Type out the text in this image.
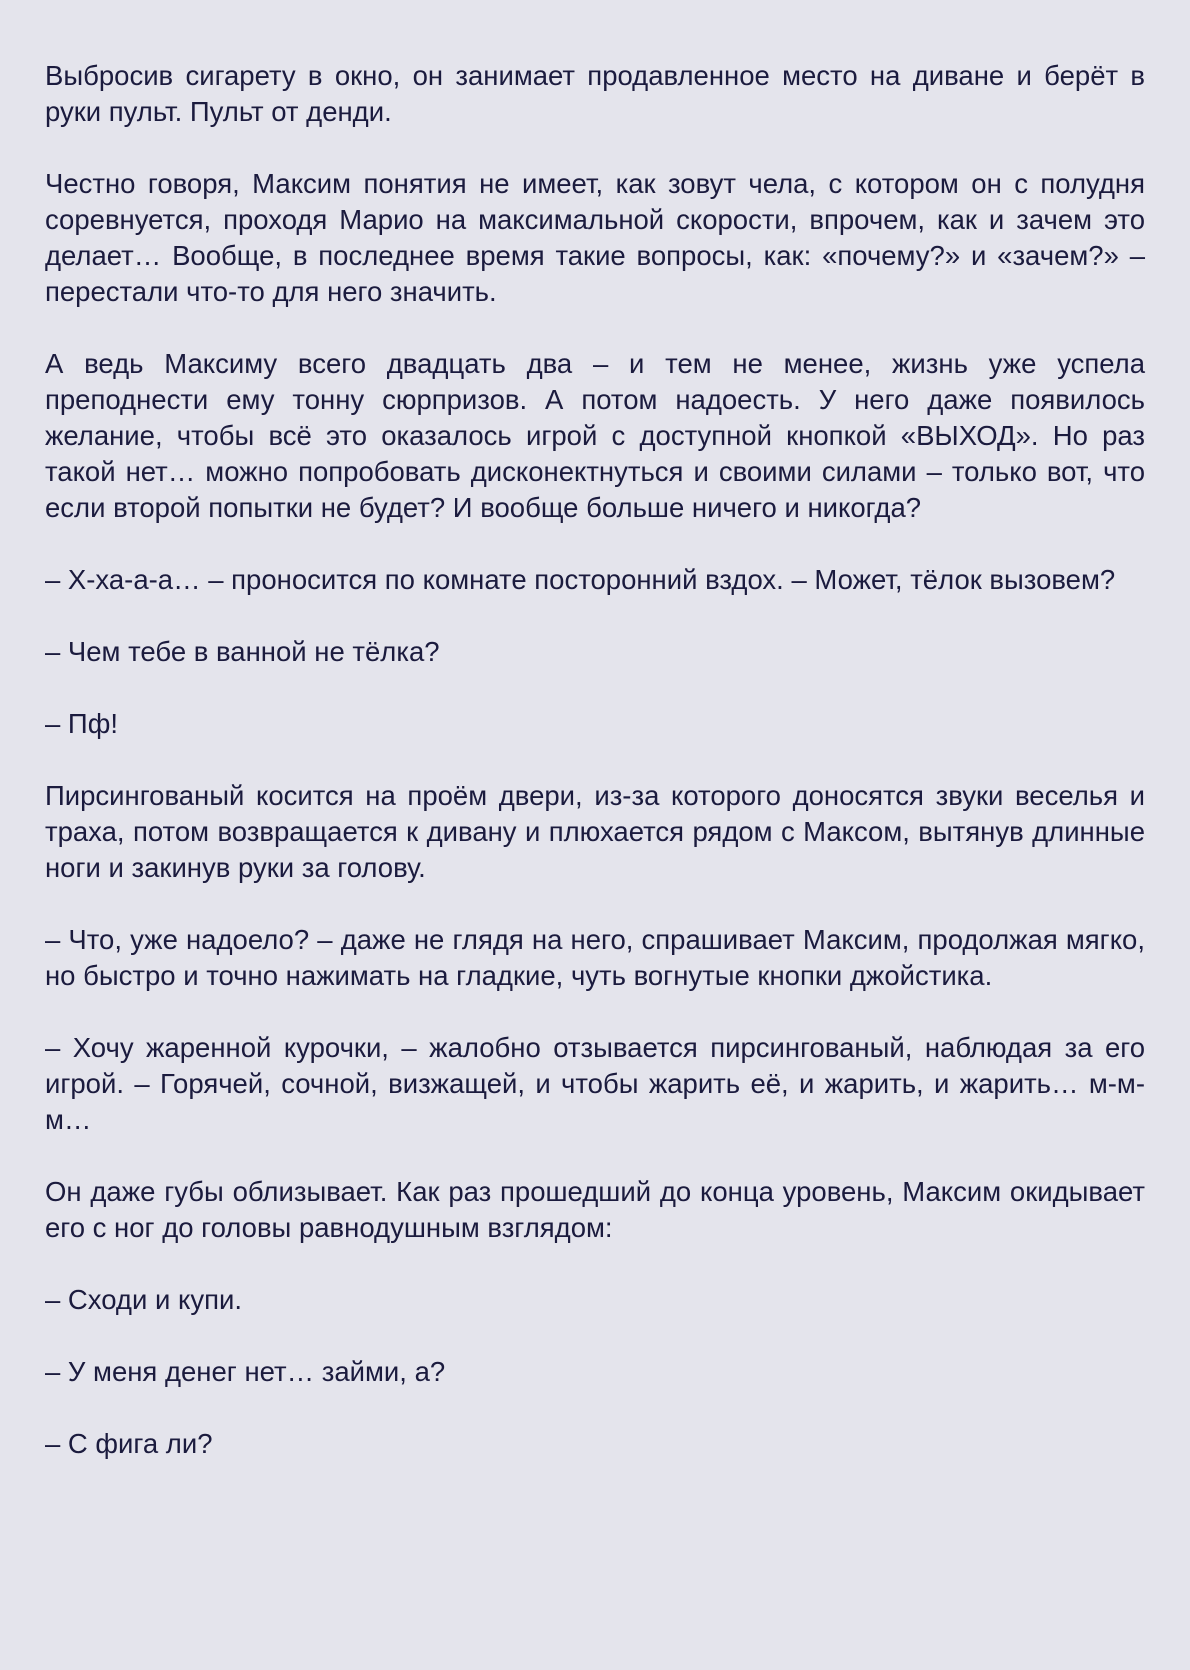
Выбросив сигарету в окно, он занимает продавленное место на диване и берёт в руки пульт. Пульт от денди.

Честно говоря, Максим понятия не имеет, как зовут чела, с котором он с полудня соревнуется, проходя Марио на максимальной скорости, впрочем, как и зачем это делает… Вообще, в последнее время такие вопросы, как: «почему?» и «зачем?» – перестали что-то для него значить.

А ведь Максиму всего двадцать два – и тем не менее, жизнь уже успела преподнести ему тонну сюрпризов. А потом надоесть. У него даже появилось желание, чтобы всё это оказалось игрой с доступной кнопкой «ВЫХОД». Но раз такой нет… можно попробовать дисконектнуться и своими силами – только вот, что если второй попытки не будет? И вообще больше ничего и никогда?

– Х-ха-а-а… – проносится по комнате посторонний вздох. – Может, тёлок вызовем?

– Чем тебе в ванной не тёлка?

– Пф!

Пирсингованый косится на проём двери, из-за которого доносятся звуки веселья и траха, потом возвращается к дивану и плюхается рядом с Максом, вытянув длинные ноги и закинув руки за голову.

– Что, уже надоело? – даже не глядя на него, спрашивает Максим, продолжая мягко, но быстро и точно нажимать на гладкие, чуть вогнутые кнопки джойстика.

– Хочу жаренной курочки, – жалобно отзывается пирсингованый, наблюдая за его игрой. – Горячей, сочной, визжащей, и чтобы жарить её, и жарить, и жарить… м-м-м…

Он даже губы облизывает. Как раз прошедший до конца уровень, Максим окидывает его с ног до головы равнодушным взглядом:

– Сходи и купи.

– У меня денег нет… займи, а?

– С фига ли?
